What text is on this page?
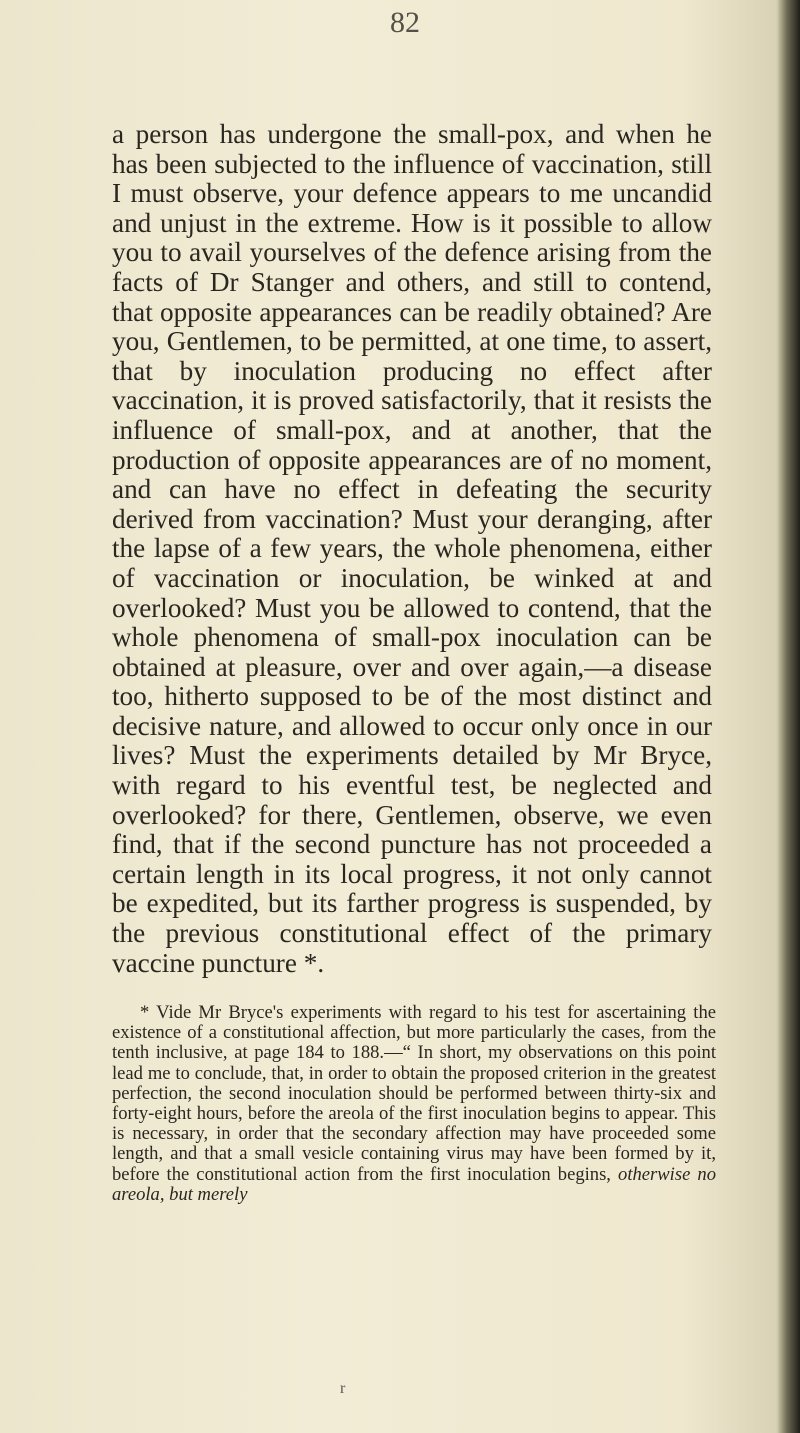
82

a person has undergone the small-pox, and when he has been subjected to the influence of vaccination, still I must observe, your defence appears to me uncandid and unjust in the extreme. How is it possible to allow you to avail yourselves of the defence arising from the facts of Dr Stanger and others, and still to contend, that opposite appearances can be readily obtained? Are you, Gentlemen, to be permitted, at one time, to assert, that by inoculation producing no effect after vaccination, it is proved satisfactorily, that it resists the influence of small-pox, and at another, that the production of opposite appearances are of no moment, and can have no effect in defeating the security derived from vaccination? Must your deranging, after the lapse of a few years, the whole phenomena, either of vaccination or inoculation, be winked at and overlooked? Must you be allowed to contend, that the whole phenomena of small-pox inoculation can be obtained at pleasure, over and over again,—a disease too, hitherto supposed to be of the most distinct and decisive nature, and allowed to occur only once in our lives? Must the experiments detailed by Mr Bryce, with regard to his eventful test, be neglected and overlooked? for there, Gentlemen, observe, we even find, that if the second puncture has not proceeded a certain length in its local progress, it not only cannot be expedited, but its farther progress is suspended, by the previous constitutional effect of the primary vaccine puncture *.

* Vide Mr Bryce's experiments with regard to his test for ascertaining the existence of a constitutional affection, but more particularly the cases, from the tenth inclusive, at page 184 to 188.—“ In short, my observations on this point lead me to conclude, that, in order to obtain the proposed criterion in the greatest perfection, the second inoculation should be performed between thirty-six and forty-eight hours, before the areola of the first inoculation begins to appear. This is necessary, in order that the secondary affection may have proceeded some length, and that a small vesicle containing virus may have been formed by it, before the constitutional action from the first inoculation begins, otherwise no areola, but merely

r
